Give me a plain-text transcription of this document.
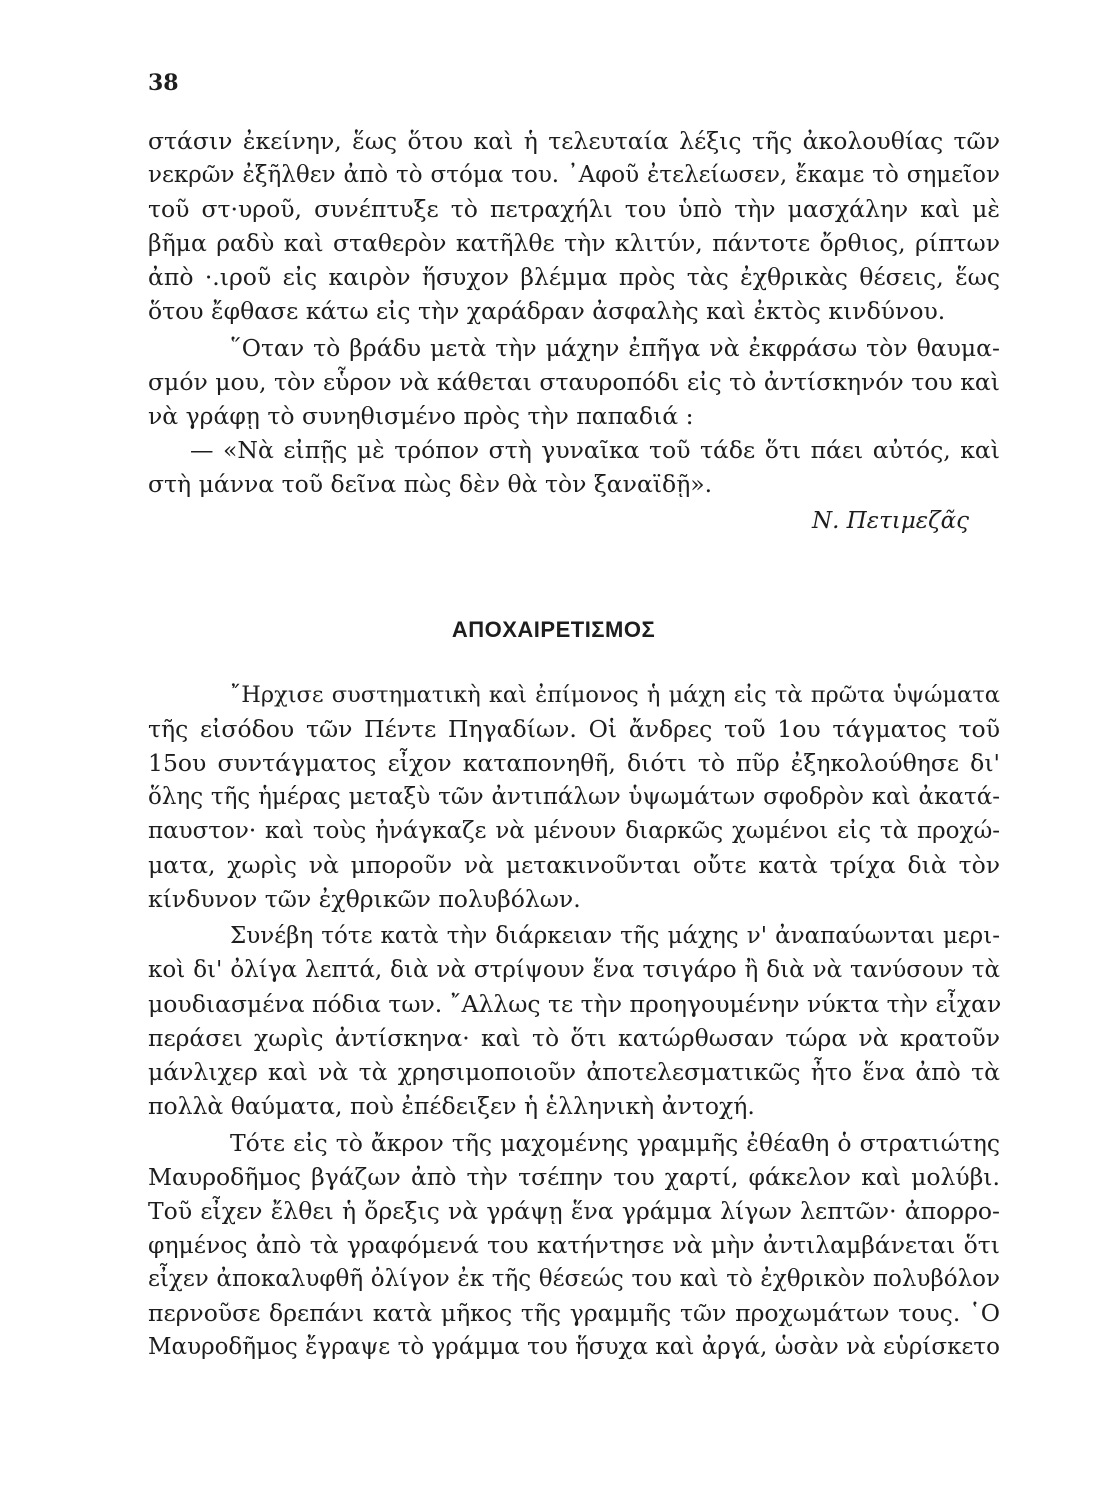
38
στάσιν ἐκείνην, ἕως ὅτου καὶ ἡ τελευταία λέξις τῆς ἀκολουθίας τῶν
νεκρῶν ἐξῆλθεν ἀπὸ τὸ στόμα του. ᾿Αφοῦ ἐτελείωσεν, ἔκαμε τὸ σημεῖον
τοῦ στ·υροῦ, συνέπτυξε τὸ πετραχήλι του ὑπὸ τὴν μασχάλην καὶ μὲ
βῆμα ραδὺ καὶ σταθερὸν κατῆλθε τὴν κλιτύν, πάντοτε ὄρθιος, ρίπτων
ἀπὸ ·.ιροῦ εἰς καιρὸν ἥσυχον βλέμμα πρὸς τὰς ἐχθρικὰς θέσεις, ἕως
ὅτου ἔφθασε κάτω εἰς τὴν χαράδραν ἀσφαλὴς καὶ ἐκτὸς κινδύνου.
῞Οταν τὸ βράδυ μετὰ τὴν μάχην ἐπῆγα νὰ ἐκφράσω τὸν θαυμα-
σμόν μου, τὸν εὗρον νὰ κάθεται σταυροπόδι εἰς τὸ ἀντίσκηνόν του καὶ
νὰ γράφῃ τὸ συνηθισμένο πρὸς τὴν παπαδιά :
— «Νὰ εἰπῇς μὲ τρόπον στὴ γυναῖκα τοῦ τάδε ὅτι πάει αὐτός, καὶ
στὴ μάννα τοῦ δεῖνα πὼς δὲν θὰ τὸν ξαναϊδῇ».
Ν. Πετιμεζᾶς
ΑΠΟΧΑΙΡΕΤΙΣΜΟΣ
῎Ηρχισε συστηματικὴ καὶ ἐπίμονος ἡ μάχη εἰς τὰ πρῶτα ὑψώματα
τῆς εἰσόδου τῶν Πέντε Πηγαδίων. Οἱ ἄνδρες τοῦ 1ου τάγματος τοῦ
15ου συντάγματος εἶχον καταπονηθῆ, διότι τὸ πῦρ ἐξηκολούθησε δι'
ὅλης τῆς ἡμέρας μεταξὺ τῶν ἀντιπάλων ὑψωμάτων σφοδρὸν καὶ ἀκατά-
παυστον· καὶ τοὺς ἠνάγκαζε νὰ μένουν διαρκῶς χωμένοι εἰς τὰ προχώ-
ματα, χωρὶς νὰ μποροῦν νὰ μετακινοῦνται οὔτε κατὰ τρίχα διὰ τὸν
κίνδυνον τῶν ἐχθρικῶν πολυβόλων.
Συνέβη τότε κατὰ τὴν διάρκειαν τῆς μάχης ν' ἀναπαύωνται μερι-
κοὶ δι' ὀλίγα λεπτά, διὰ νὰ στρίψουν ἕνα τσιγάρο ἢ διὰ νὰ τανύσουν τὰ
μουδιασμένα πόδια των. ῎Αλλως τε τὴν προηγουμένην νύκτα τὴν εἶχαν
περάσει χωρὶς ἀντίσκηνα· καὶ τὸ ὅτι κατώρθωσαν τώρα νὰ κρατοῦν
μάνλιχερ καὶ νὰ τὰ χρησιμοποιοῦν ἀποτελεσματικῶς ἦτο ἕνα ἀπὸ τὰ
πολλὰ θαύματα, ποὺ ἐπέδειξεν ἡ ἑλληνικὴ ἀντοχή.
Τότε εἰς τὸ ἄκρον τῆς μαχομένης γραμμῆς ἐθέαθη ὁ στρατιώτης
Μαυροδῆμος βγάζων ἀπὸ τὴν τσέπην του χαρτί, φάκελον καὶ μολύβι.
Τοῦ εἶχεν ἔλθει ἡ ὄρεξις νὰ γράψῃ ἕνα γράμμα λίγων λεπτῶν· ἀπορρο-
φημένος ἀπὸ τὰ γραφόμενά του κατήντησε νὰ μὴν ἀντιλαμβάνεται ὅτι
εἶχεν ἀποκαλυφθῆ ὀλίγον ἐκ τῆς θέσεώς του καὶ τὸ ἐχθρικὸν πολυβόλον
περνοῦσε δρεπάνι κατὰ μῆκος τῆς γραμμῆς τῶν προχωμάτων τους. ῾Ο
Μαυροδῆμος ἔγραψε τὸ γράμμα του ἥσυχα καὶ ἀργά, ὡσὰν νὰ εὑρίσκετο
